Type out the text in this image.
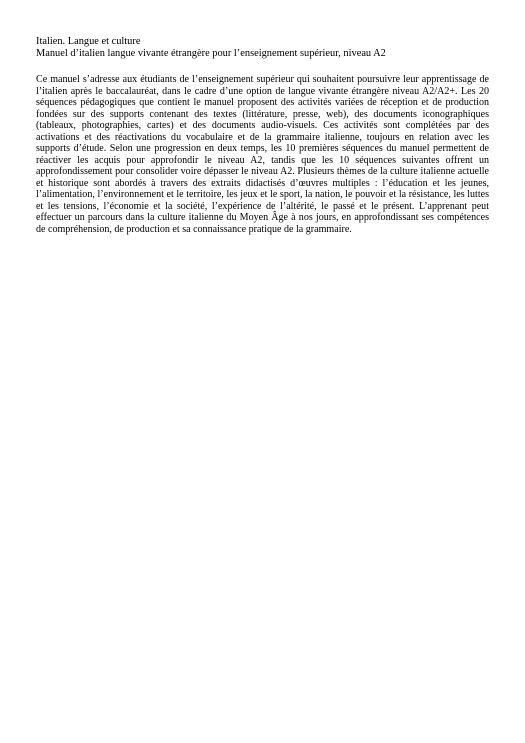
Italien. Langue et culture

Manuel d’italien langue vivante étrangère pour l’enseignement supérieur, niveau A2

Ce manuel s’adresse aux étudiants de l’enseignement supérieur qui souhaitent poursuivre leur apprentissage de l’italien après le baccalauréat, dans le cadre d’une option de langue vivante étrangère niveau A2/A2+. Les 20 séquences pédagogiques que contient le manuel proposent des activités variées de réception et de production fondées sur des supports contenant des textes (littérature, presse, web), des documents iconographiques (tableaux, photographies, cartes) et des documents audio-visuels. Ces activités sont complétées par des activations et des réactivations du vocabulaire et de la grammaire italienne, toujours en relation avec les supports d’étude. Selon une progression en deux temps, les 10 premières séquences du manuel permettent de réactiver les acquis pour approfondir le niveau A2, tandis que les 10 séquences suivantes offrent un approfondissement pour consolider voire dépasser le niveau A2. Plusieurs thèmes de la culture italienne actuelle et historique sont abordés à travers des extraits didactisés d’œuvres multiples : l’éducation et les jeunes, l’alimentation, l’environnement et le territoire, les jeux et le sport, la nation, le pouvoir et la résistance, les luttes et les tensions, l’économie et la société, l’expérience de l’altérité, le passé et le présent. L’apprenant peut effectuer un parcours dans la culture italienne du Moyen Âge à nos jours, en approfondissant ses compétences de compréhension, de production et sa connaissance pratique de la grammaire.
